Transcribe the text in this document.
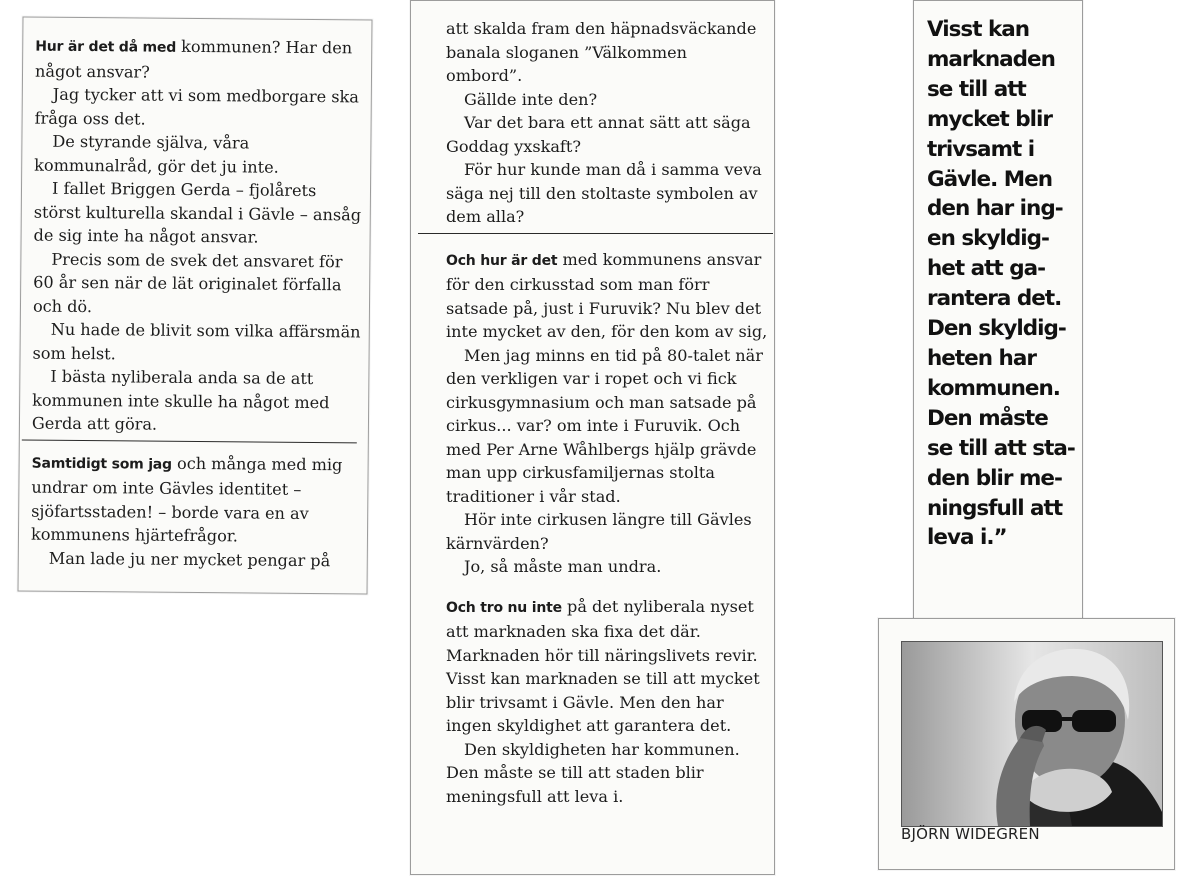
Hur är det då med kommunen? Har den något ansvar?

Jag tycker att vi som medborgare ska fråga oss det.

De styrande själva, våra kommunalråd, gör det ju inte.

I fallet Briggen Gerda – fjolårets störst kulturella skandal i Gävle – ansåg de sig inte ha något ansvar.

Precis som de svek det ansvaret för 60 år sen när de lät originalet förfalla och dö.

Nu hade de blivit som vilka affärsmän som helst.

I bästa nyliberala anda sa de att kommunen inte skulle ha något med Gerda att göra.

Samtidigt som jag och många med mig undrar om inte Gävles identitet – sjöfartsstaden! – borde vara en av kommunens hjärtefrågor.

Man lade ju ner mycket pengar på

att skalda fram den häpnadsväckande banala sloganen ”Välkommen ombord”.

Gällde inte den?

Var det bara ett annat sätt att säga Goddag yxskaft?

För hur kunde man då i samma veva säga nej till den stoltaste symbolen av dem alla?

Och hur är det med kommunens ansvar för den cirkusstad som man förr satsade på, just i Furuvik? Nu blev det inte mycket av den, för den kom av sig,

Men jag minns en tid på 80-talet när den verkligen var i ropet och vi fick cirkusgymnasium och man satsade på cirkus... var? om inte i Furuvik. Och med Per Arne Wåhlbergs hjälp grävde man upp cirkusfamiljernas stolta traditioner i vår stad.

Hör inte cirkusen längre till Gävles kärnvärden?

Jo, så måste man undra.

Och tro nu inte på det nyliberala nyset att marknaden ska fixa det där. Marknaden hör till näringslivets revir. Visst kan marknaden se till att mycket blir trivsamt i Gävle. Men den har ingen skyldighet att garantera det.

Den skyldigheten har kommunen. Den måste se till att staden blir meningsfull att leva i.

Visst kan
marknaden
se till att
mycket blir
trivsamt i
Gävle. Men
den har ing-
en skyldig-
het att ga-
rantera det.
Den skyldig-
heten har
kommunen.
Den måste
se till att sta-
den blir me-
ningsfull att
leva i.”
BJÖRN WIDEGREN
